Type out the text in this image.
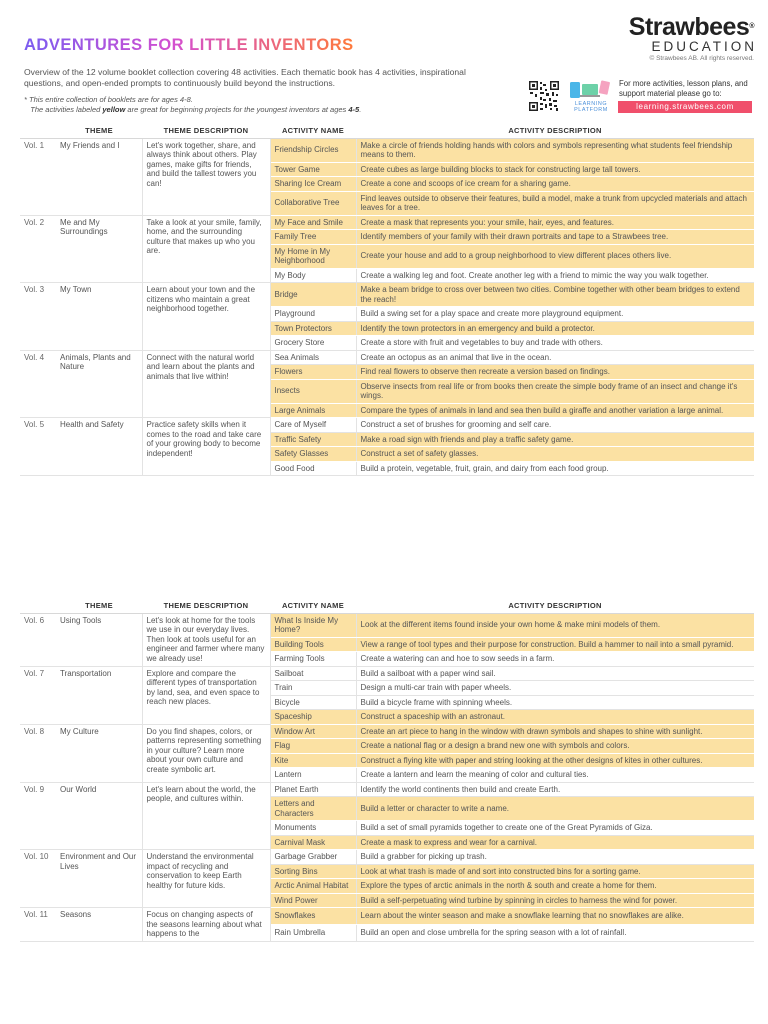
ADVENTURES FOR LITTLE INVENTORS
Strawbees®
EDUCATION
© Strawbees AB. All rights reserved.
Overview of the 12 volume booklet collection covering 48 activities. Each thematic book has 4 activities, inspirational questions, and open-ended prompts to continuously build beyond the instructions.
* This entire collection of booklets are for ages 4-8.
The activities labeled yellow are great for beginning projects for the youngest inventors at ages 4-5.
LEARNING PLATFORM
For more activities, lesson plans, and support material please go to:
learning.strawbees.com
	THEME	THEME DESCRIPTION	ACTIVITY NAME	ACTIVITY DESCRIPTION
Vol. 1	My Friends and I	Let's work together, share, and always think about others. Play games, make gifts for friends, and build the tallest towers you can!	Friendship Circles	Make a circle of friends holding hands with colors and symbols representing what students feel friendship means to them.
			Tower Game	Create cubes as large building blocks to stack for constructing large tall towers.
			Sharing Ice Cream	Create a cone and scoops of ice cream for a sharing game.
			Collaborative Tree	Find leaves outside to observe their features, build a model, make a trunk from upcycled materials and attach leaves for a tree.
Vol. 2	Me and My Surroundings	Take a look at your smile, family, home, and the surrounding culture that makes up who you are.	My Face and Smile	Create a mask that represents you: your smile, hair, eyes, and features.
			Family Tree	Identify members of your family with their drawn portraits and tape to a Strawbees tree.
			My Home in My Neighborhood	Create your house and add to a group neighborhood to view different places others live.
			My Body	Create a walking leg and foot. Create another leg with a friend to mimic the way you walk together.
Vol. 3	My Town	Learn about your town and the citizens who maintain a great neighborhood together.	Bridge	Make a beam bridge to cross over between two cities. Combine together with other beam bridges to extend the reach!
			Playground	Build a swing set for a play space and create more playground equipment.
			Town Protectors	Identify the town protectors in an emergency and build a protector.
			Grocery Store	Create a store with fruit and vegetables to buy and trade with others.
Vol. 4	Animals, Plants and Nature	Connect with the natural world and learn about the plants and animals that live within!	Sea Animals	Create an octopus as an animal that live in the ocean.
			Flowers	Find real flowers to observe then recreate a version based on findings.
			Insects	Observe insects from real life or from books then create the simple body frame of an insect and change it's wings.
			Large Animals	Compare the types of animals in land and sea then build a giraffe and another variation a large animal.
Vol. 5	Health and Safety	Practice safety skills when it comes to the road and take care of your growing body to become independent!	Care of Myself	Construct a set of brushes for grooming and self care.
			Traffic Safety	Make a road sign with friends and play a traffic safety game.
			Safety Glasses	Construct a set of safety glasses.
			Good Food	Build a protein, vegetable, fruit, grain, and dairy from each food group.
	THEME	THEME DESCRIPTION	ACTIVITY NAME	ACTIVITY DESCRIPTION
Vol. 6	Using Tools	Let's look at home for the tools we use in our everyday lives. Then look at tools useful for an engineer and farmer where many we already use!	What Is Inside My Home?	Look at the different items found inside your own home & make mini models of them.
			Building Tools	View a range of tool types and their purpose for construction. Build a hammer to nail into a small pyramid.
			Farming Tools	Create a watering can and hoe to sow seeds in a farm.
Vol. 7	Transportation	Explore and compare the different types of transportation by land, sea, and even space to reach new places.	Sailboat	Build a sailboat with a paper wind sail.
			Train	Design a multi-car train with paper wheels.
			Bicycle	Build a bicycle frame with spinning wheels.
			Spaceship	Construct a spaceship with an astronaut.
Vol. 8	My Culture	Do you find shapes, colors, or patterns representing something in your culture? Learn more about your own culture and create symbolic art.	Window Art	Create an art piece to hang in the window with drawn symbols and shapes to shine with sunlight.
			Flag	Create a national flag or a design a brand new one with symbols and colors.
			Kite	Construct a flying kite with paper and string looking at the other designs of kites in other cultures.
			Lantern	Create a lantern and learn the meaning of color and cultural ties.
Vol. 9	Our World	Let's learn about the world, the people, and cultures within.	Planet Earth	Identify the world continents then build and create Earth.
			Letters and Characters	Build a letter or character to write a name.
			Monuments	Build a set of small pyramids together to create one of the Great Pyramids of Giza.
			Carnival Mask	Create a mask to express and wear for a carnival.
Vol. 10	Environment and Our Lives	Understand the environmental impact of recycling and conservation to keep Earth healthy for future kids.	Garbage Grabber	Build a grabber for picking up trash.
			Sorting Bins	Look at what trash is made of and sort into constructed bins for a sorting game.
			Arctic Animal Habitat	Explore the types of arctic animals in the north & south and create a home for them.
			Wind Power	Build a self-perpetuating wind turbine by spinning in circles to harness the wind for power.
Vol. 11	Seasons	Focus on changing aspects of the seasons learning about what happens to the	Snowflakes	Learn about the winter season and make a snowflake learning that no snowflakes are alike.
			Rain Umbrella	Build an open and close umbrella for the spring season with a lot of rainfall.
